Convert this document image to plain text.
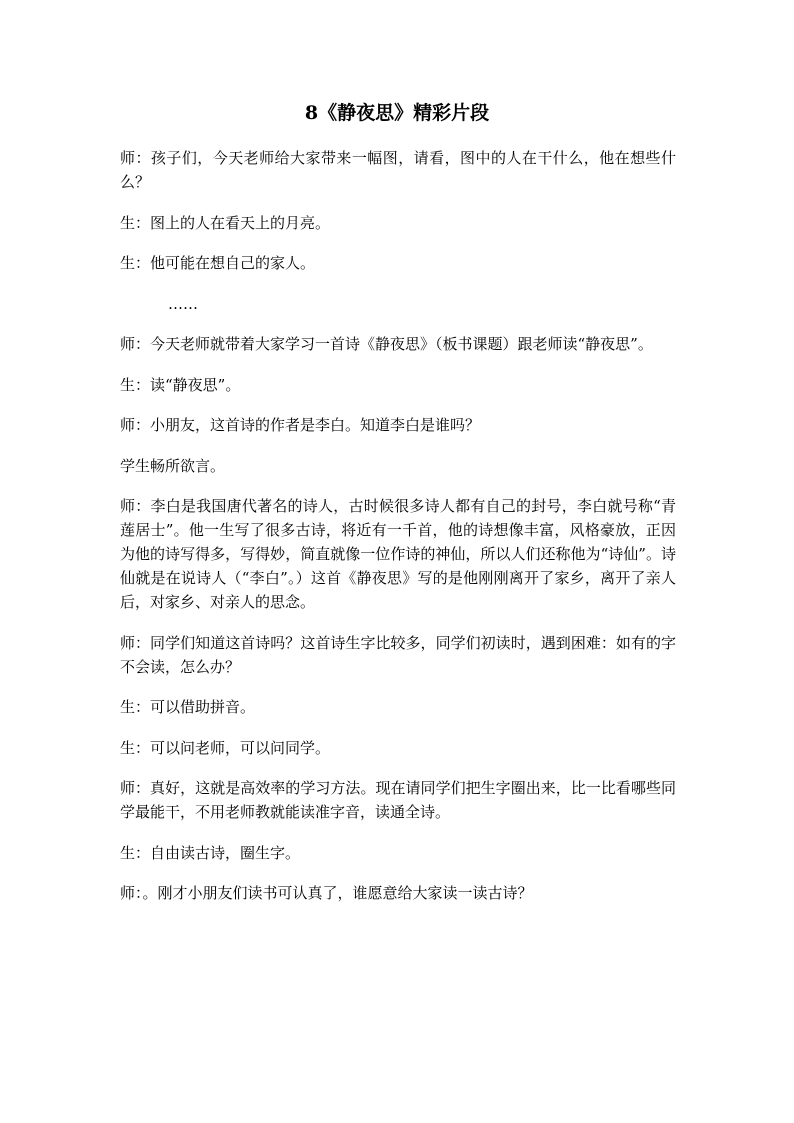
8《静夜思》精彩片段

师：孩子们，今天老师给大家带来一幅图，请看，图中的人在干什么，他在想些什么？

生：图上的人在看天上的月亮。

生：他可能在想自己的家人。

……

师：今天老师就带着大家学习一首诗《静夜思》（板书课题）跟老师读“静夜思”。

生：读“静夜思”。

师：小朋友，这首诗的作者是李白。知道李白是谁吗？

学生畅所欲言。

师：李白是我国唐代著名的诗人，古时候很多诗人都有自己的封号，李白就号称“青莲居士”。他一生写了很多古诗，将近有一千首，他的诗想像丰富，风格豪放，正因为他的诗写得多，写得妙，简直就像一位作诗的神仙，所以人们还称他为“诗仙”。诗仙就是在说诗人（“李白”。）这首《静夜思》写的是他刚刚离开了家乡，离开了亲人后，对家乡、对亲人的思念。

师：同学们知道这首诗吗？这首诗生字比较多，同学们初读时，遇到困难：如有的字不会读，怎么办？

生：可以借助拼音。

生：可以问老师，可以问同学。

师：真好，这就是高效率的学习方法。现在请同学们把生字圈出来，比一比看哪些同学最能干，不用老师教就能读准字音，读通全诗。

生：自由读古诗，圈生字。

师：。刚才小朋友们读书可认真了，谁愿意给大家读一读古诗？
